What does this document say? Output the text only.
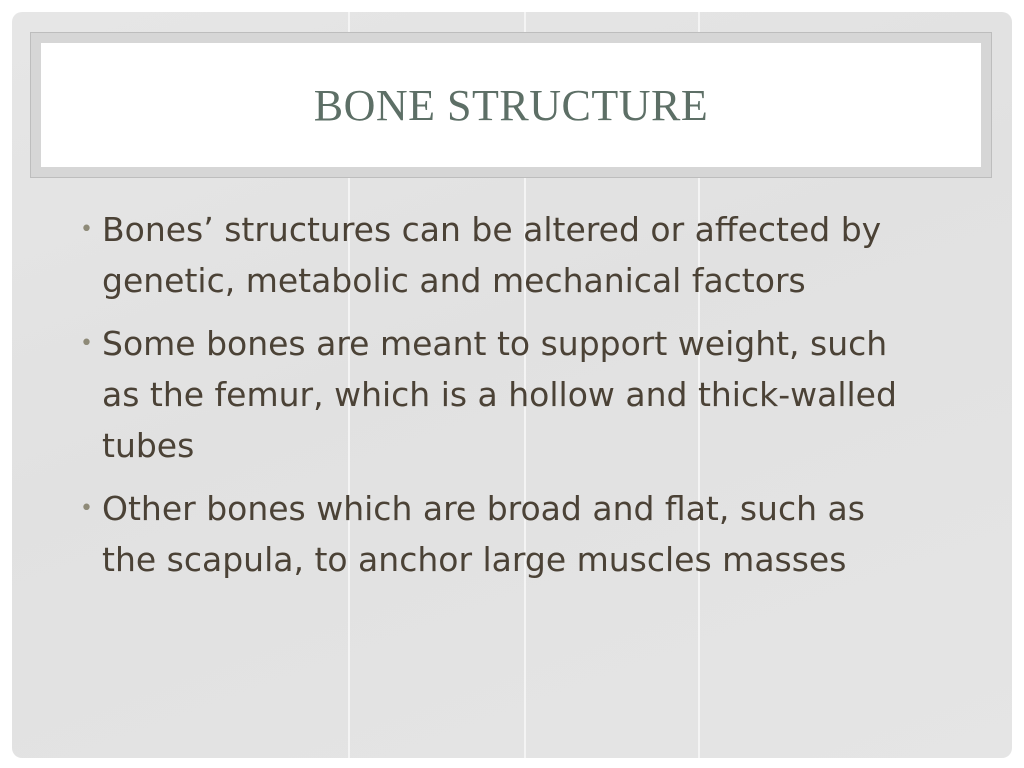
BONE STRUCTURE
• Bones’ structures can be altered or affected by genetic, metabolic and mechanical factors
• Some bones are meant to support weight, such as the femur, which is a hollow and thick-walled tubes
• Other bones which are broad and flat, such as the scapula, to anchor large muscles masses
